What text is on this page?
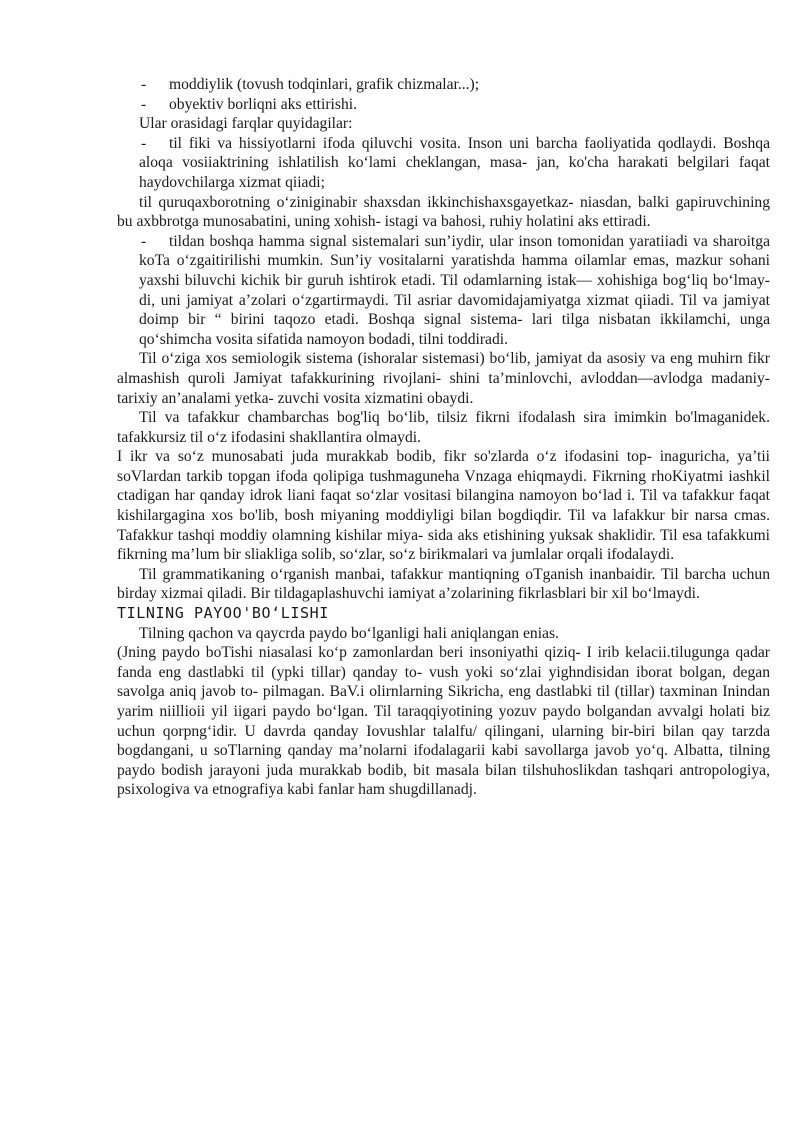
-	moddiylik (tovush todqinlari, grafik chizmalar...);
-	obyektiv borliqni aks ettirishi.

Ular orasidagi farqlar quyidagilar:

- til fiki va hissiyotlarni ifoda qiluvchi vosita. Inson uni barcha faoliyatida qodlaydi. Boshqa aloqa vosiiaktrining ishlatilish ko‘lami cheklangan, masa- jan, ko'cha harakati belgilari faqat haydovchilarga xizmat qiiadi;

til quruqaxborotning o‘ziniginabir shaxsdan ikkinchishaxsgayetkaz- niasdan, balki gapiruvchining bu axbbrotga munosabatini, uning xohish- istagi va bahosi, ruhiy holatini aks ettiradi.

- tildan boshqa hamma signal sistemalari sun’iydir, ular inson tomonidan yaratiiadi va sharoitga koTa o‘zgaitirilishi mumkin. Sun’iy vositalarni yaratishda hamma oilamlar emas, mazkur sohani yaxshi biluvchi kichik bir guruh ishtirok etadi. Til odamlarning istak— xohishiga bog‘liq bo‘lmay- di, uni jamiyat a’zolari o‘zgartirmaydi. Til asriar davomidajamiyatga xizmat qiiadi. Til va jamiyat doimp bir “ birini taqozo etadi. Boshqa signal sistema- lari tilga nisbatan ikkilamchi, unga qo‘shimcha vosita sifatida namoyon bodadi, tilni toddiradi.

Til o‘ziga xos semiologik sistema (ishoralar sistemasi) bo‘lib, jamiyat da asosiy va eng muhirn fikr almashish quroli Jamiyat tafakkurining rivojlani- shini ta’minlovchi, avloddan—avlodga madaniy-tarixiy an’analami yetka- zuvchi vosita xizmatini obaydi.

Til va tafakkur chambarchas bog'liq bo‘lib, tilsiz fikrni ifodalash sira imimkin bo'lmaganidek. tafakkursiz til o‘z ifodasini shakllantira olmaydi.

I ikr va so‘z munosabati juda murakkab bodib, fikr so'zlarda o‘z ifodasini top- inaguricha, ya’tii soVlardan tarkib topgan ifoda qolipiga tushmaguneha Vnzaga ehiqmaydi. Fikrning rhoKiyatmi iashkil ctadigan har qanday idrok liani faqat so‘zlar vositasi bilangina namoyon bo‘lad i. Til va tafakkur faqat kishilargagina xos bo'lib, bosh miyaning moddiyligi bilan bogdiqdir. Til va lafakkur bir narsa cmas. Tafakkur tashqi moddiy olamning kishilar miya- sida aks etishining yuksak shaklidir. Til esa tafakkumi fikrning ma’lum bir sliakliga solib, so‘zlar, so‘z birikmalari va jumlalar orqali ifodalaydi.

Til grammatikaning o‘rganish manbai, tafakkur mantiqning oTganish inanbaidir. Til barcha uchun birday xizmai qiladi. Bir tildagaplashuvchi iamiyat a’zolarining fikrlasblari bir xil bo‘lmaydi.

TILNING PAYOO'BO‘LISHI

Tilning qachon va qaycrda paydo bo‘lganligi hali aniqlangan enias.

(Jning paydo boTishi niasalasi ko‘p zamonlardan beri insoniyathi qiziq- I irib kelacii.tilugunga qadar fanda eng dastlabki til (ypki tillar) qanday to- vush yoki so‘zlai yighndisidan iborat bolgan, degan savolga aniq javob to- pilmagan. BaV.i olirnlarning Sikricha, eng dastlabki til (tillar) taxminan Inindan yarim niillioii yil iigari paydo bo‘lgan. Til taraqqiyotining yozuv paydo bolgandan avvalgi holati biz uchun qorpng‘idir. U davrda qanday Iovushlar talalfu/ qilingani, ularning bir-biri bilan qay tarzda bogdangani, u soTlarning qanday ma’nolarni ifodalagarii kabi savollarga javob yo‘q. Albatta, tilning paydo bodish jarayoni juda murakkab bodib, bit masala bilan tilshuhoslikdan tashqari antropologiya, psixologiva va etnografiya kabi fanlar ham shugdillanadj.
